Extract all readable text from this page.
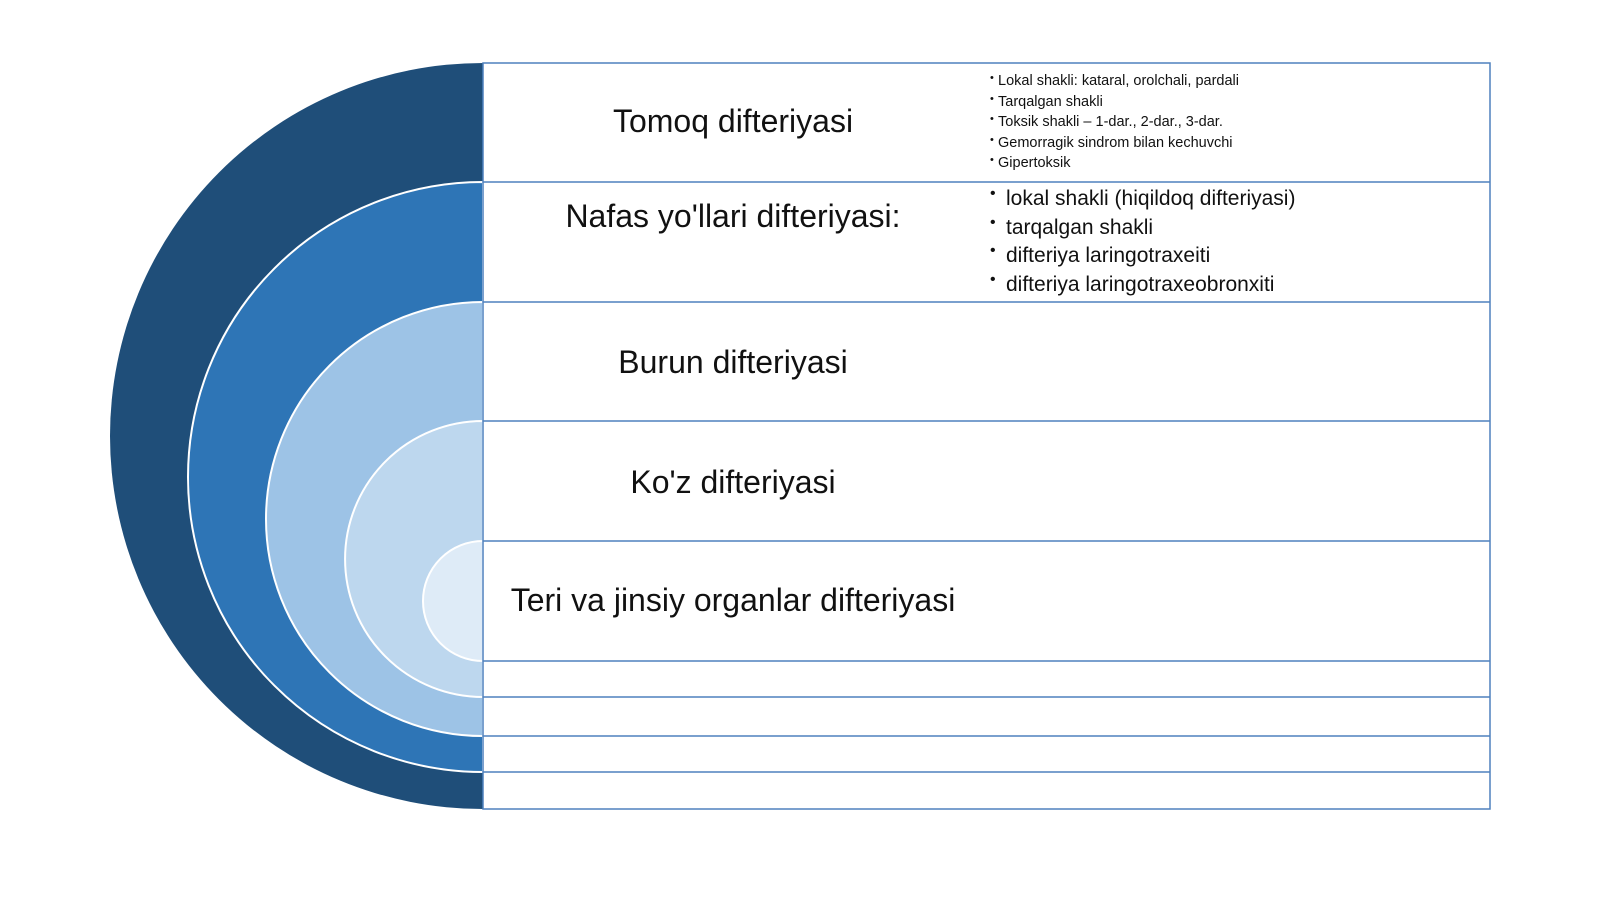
Tomoq difteriyasi
Nafas yo'llari difteriyasi:
Burun difteriyasi
Ko'z difteriyasi
Teri va jinsiy organlar difteriyasi
• Lokal shakli: kataral, orolchali, pardali
• Tarqalgan shakli
• Toksik shakli – 1-dar., 2-dar., 3-dar.
• Gemorragik sindrom bilan kechuvchi
• Gipertoksik
• lokal shakli (hiqildoq difteriyasi)
• tarqalgan shakli
• difteriya laringotraxeiti
• difteriya laringotraxeobronxiti
